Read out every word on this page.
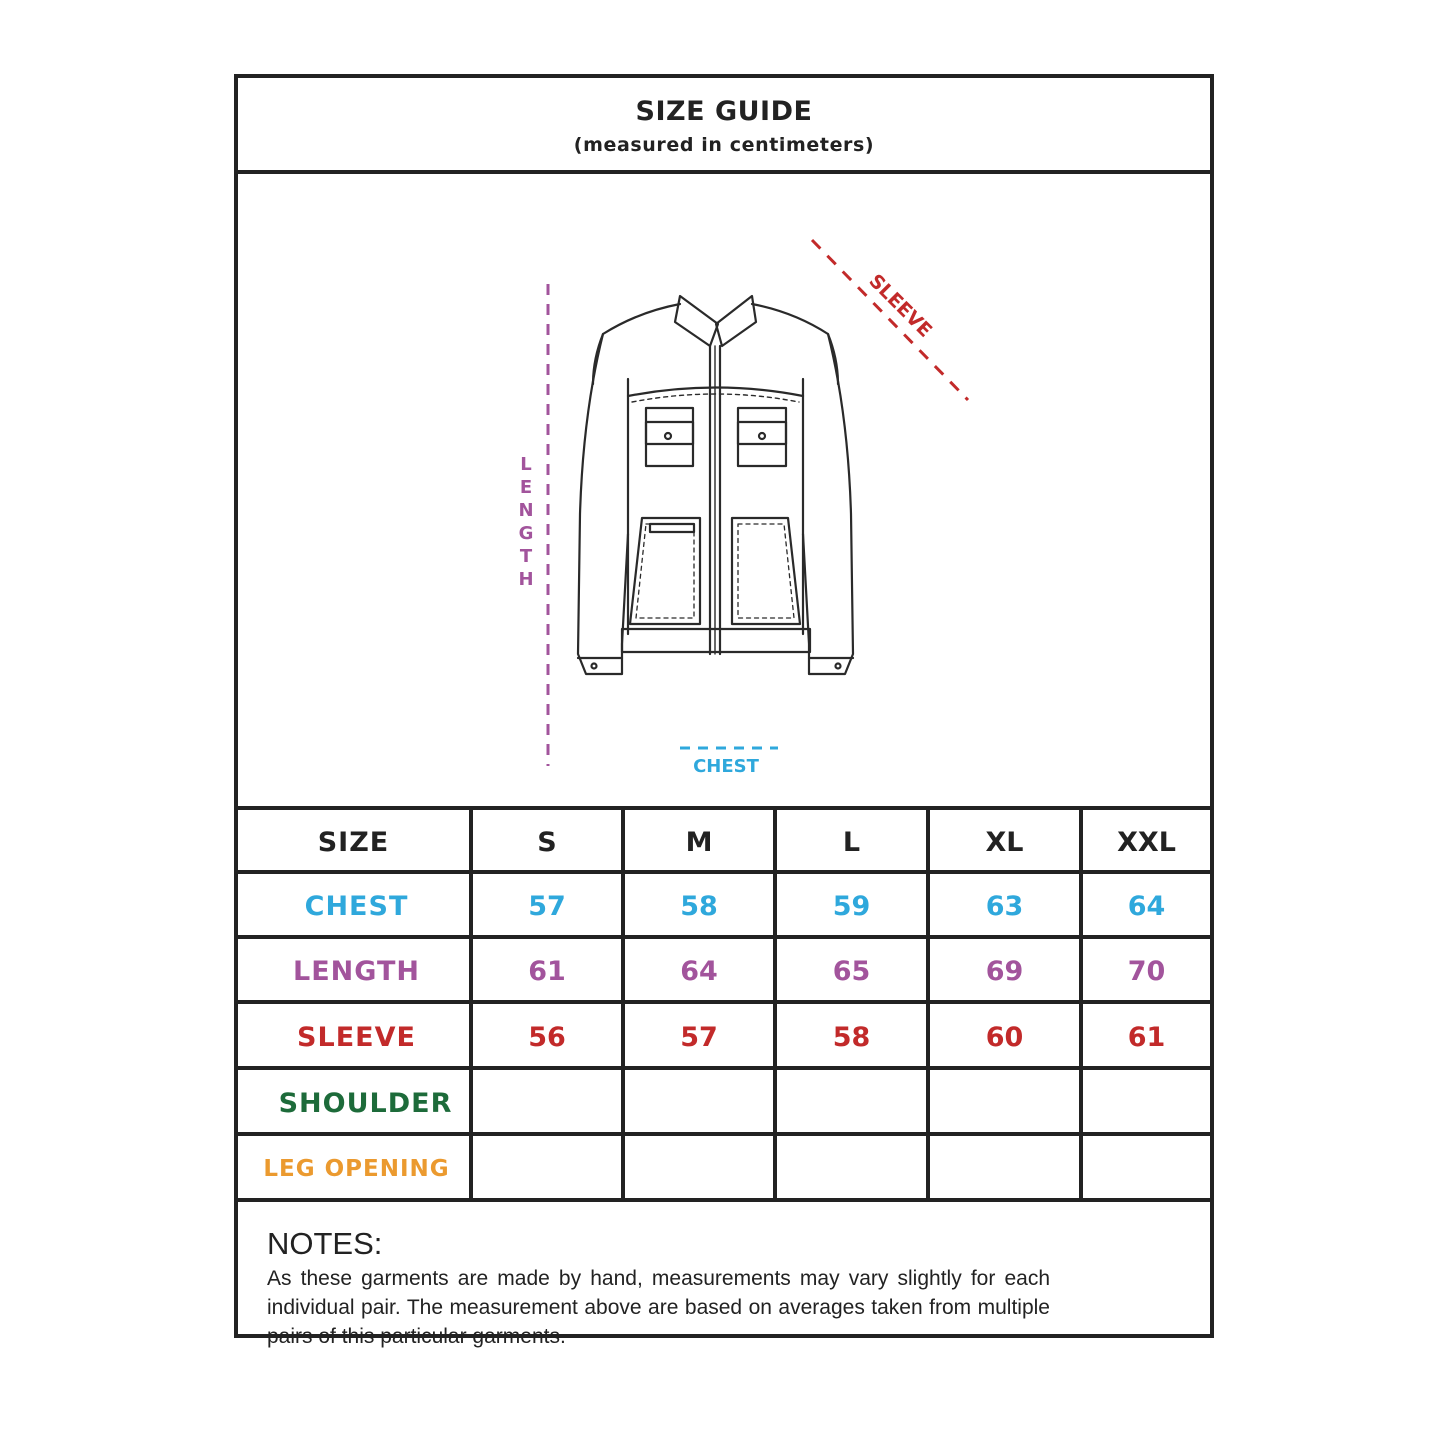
SIZE GUIDE
(measured in centimeters)
L E N G T H
SLEEVE
CHEST
SIZE	S	M	L	XL	XXL
CHEST	57	58	59	63	64
LENGTH	61	64	65	69	70
SLEEVE	56	57	58	60	61
SHOULDER
LEG OPENING
NOTES:
As these garments are made by hand, measurements may vary slightly for each individual pair. The measurement above are based on averages taken from multiple pairs of this particular garments.
